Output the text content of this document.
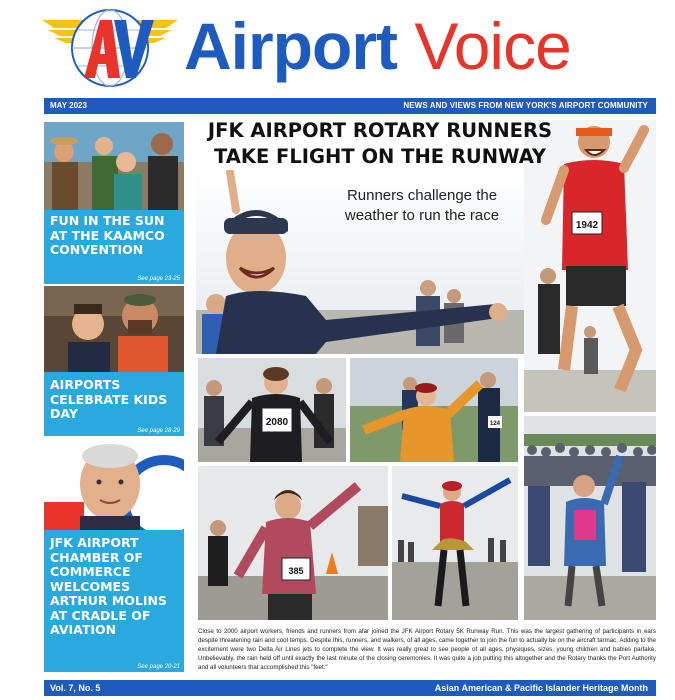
Airport Voice
MAY 2023	NEWS AND VIEWS FROM NEW YORK'S AIRPORT COMMUNITY
FUN IN THE SUN AT THE KAAMCO CONVENTION
See page 23-25
AIRPORTS CELEBRATE KIDS DAY
See page 28-29
JFK AIRPORT CHAMBER OF COMMERCE WELCOMES ARTHUR MOLINS AT CRADLE OF AVIATION
See page 20-21
1942
JFK AIRPORT ROTARY RUNNERS
TAKE FLIGHT ON THE RUNWAY
Runners challenge the
weather to run the race
2080	124
385
Close to 2000 airport workers, friends and runners from afar joined the JFK Airport Rotary 5K Runway Run. This was the largest gathering of participants in ears despite threatening rain and cool temps. Despite this, runners, and walkers, of all ages, came together to join the fun to actually be on the aircraft tarmac. Adding to the excitement were two Delta Air Lines jets to complete the view. It was really great to see people of all ages, physiques, sizes, young children and babies partake. Unbelievably, the rain held off until exactly the last minute of the closing ceremonies. It was quite a job putting this altogether and the Rotary thanks the Port Authority and all volunteers that accomplished this "feet."
Vol. 7, No. 5	Asian American & Pacific Islander Heritage Month
